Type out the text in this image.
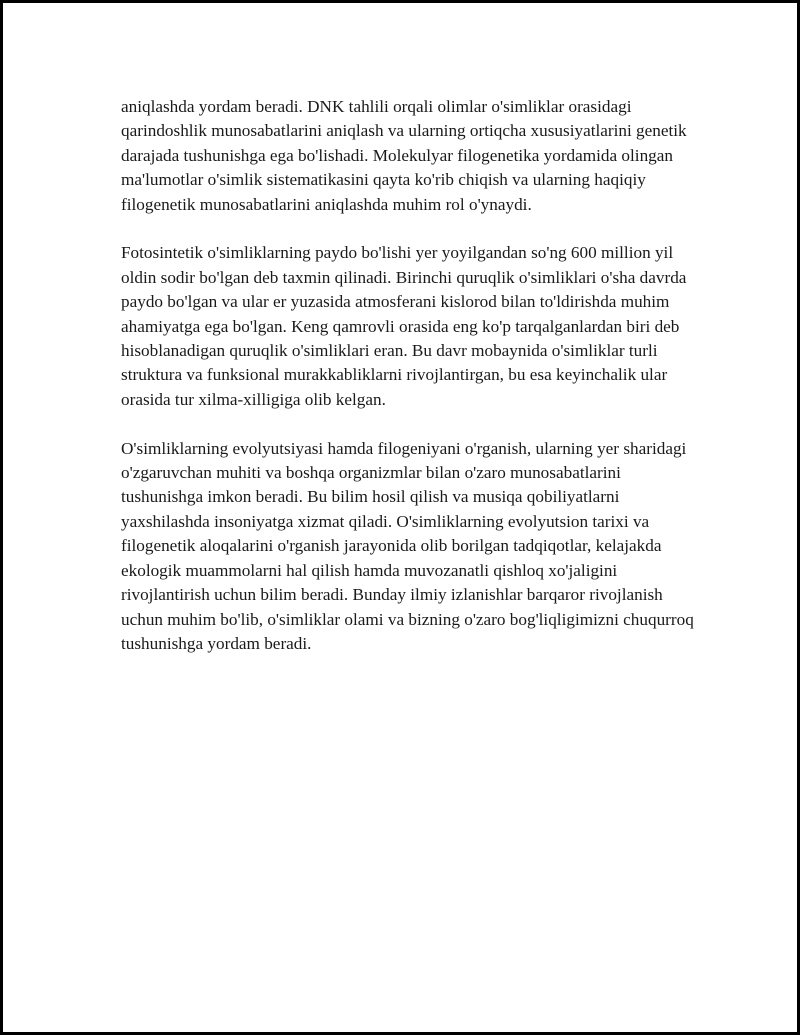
aniqlashda yordam beradi. DNK tahlili orqali olimlar o'simliklar orasidagi qarindoshlik munosabatlarini aniqlash va ularning ortiqcha xususiyatlarini genetik darajada tushunishga ega bo'lishadi. Molekulyar filogenetika yordamida olingan ma'lumotlar o'simlik sistematikasini qayta ko'rib chiqish va ularning haqiqiy filogenetik munosabatlarini aniqlashda muhim rol o'ynaydi.

Fotosintetik o'simliklarning paydo bo'lishi yer yoyilgandan so'ng 600 million yil oldin sodir bo'lgan deb taxmin qilinadi. Birinchi quruqlik o'simliklari o'sha davrda paydo bo'lgan va ular er yuzasida atmosferani kislorod bilan to'ldirishda muhim ahamiyatga ega bo'lgan. Keng qamrovli orasida eng ko'p tarqalganlardan biri deb hisoblanadigan quruqlik o'simliklari eran. Bu davr mobaynida o'simliklar turli struktura va funksional murakkabliklarni rivojlantirgan, bu esa keyinchalik ular orasida tur xilma-xilligiga olib kelgan.

O'simliklarning evolyutsiyasi hamda filogeniyani o'rganish, ularning yer sharidagi o'zgaruvchan muhiti va boshqa organizmlar bilan o'zaro munosabatlarini tushunishga imkon beradi. Bu bilim hosil qilish va musiqa qobiliyatlarni yaxshilashda insoniyatga xizmat qiladi. O'simliklarning evolyutsion tarixi va filogenetik aloqalarini o'rganish jarayonida olib borilgan tadqiqotlar, kelajakda ekologik muammolarni hal qilish hamda muvozanatli qishloq xo'jaligini rivojlantirish uchun bilim beradi. Bunday ilmiy izlanishlar barqaror rivojlanish uchun muhim bo'lib, o'simliklar olami va bizning o'zaro bog'liqligimizni chuqurroq tushunishga yordam beradi.
